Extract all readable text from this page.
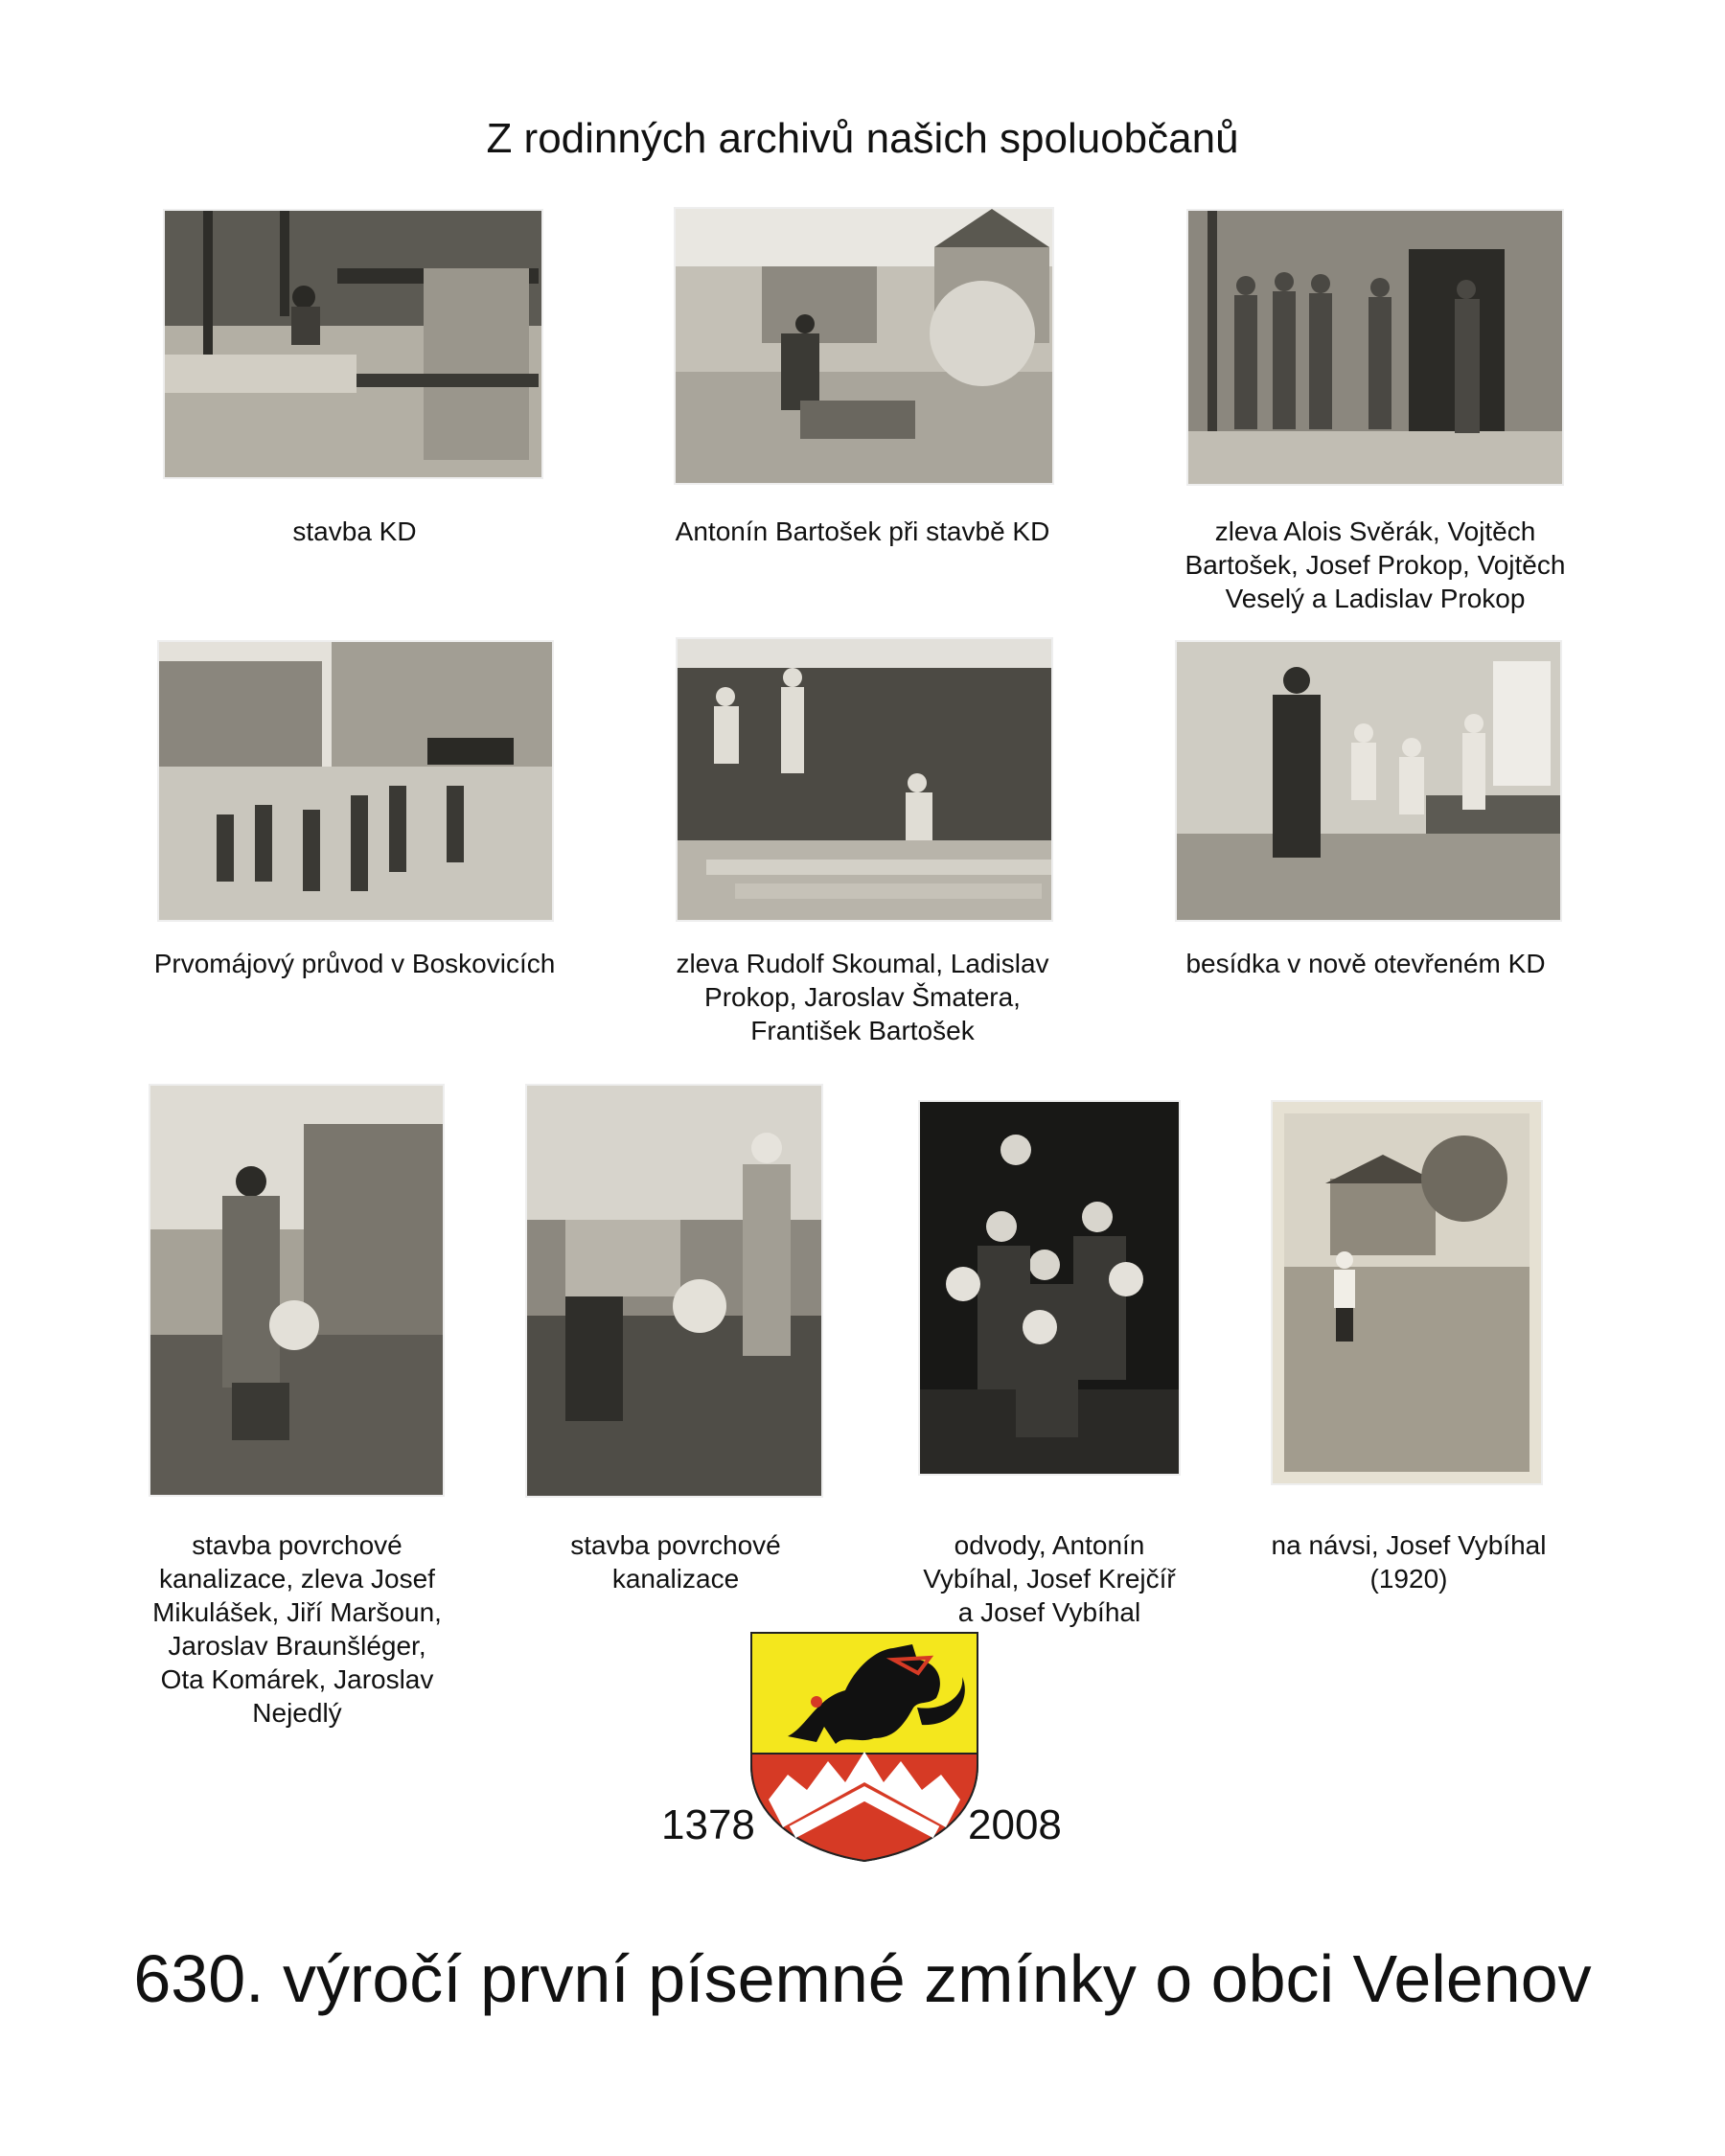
Z rodinných archivů našich spoluobčanů
stavba KD	Antonín Bartošek při stavbě KD	zleva Alois Svěrák, Vojtěch
Bartošek, Josef Prokop, Vojtěch
Veselý a Ladislav Prokop
Prvomájový průvod v Boskovicích	zleva Rudolf Skoumal, Ladislav
Prokop, Jaroslav Šmatera,
František Bartošek
besídka v nově otevřeném KD
stavba povrchové
kanalizace, zleva Josef
Mikulášek, Jiří Maršoun,
Jaroslav Braunšléger,
Ota Komárek, Jaroslav
Nejedlý
stavba povrchové
kanalizace
odvody, Antonín
Vybíhal, Josef Krejčíř
a Josef Vybíhal
na návsi, Josef Vybíhal
(1920)
1378	2008
630. výročí první písemné zmínky o obci Velenov
